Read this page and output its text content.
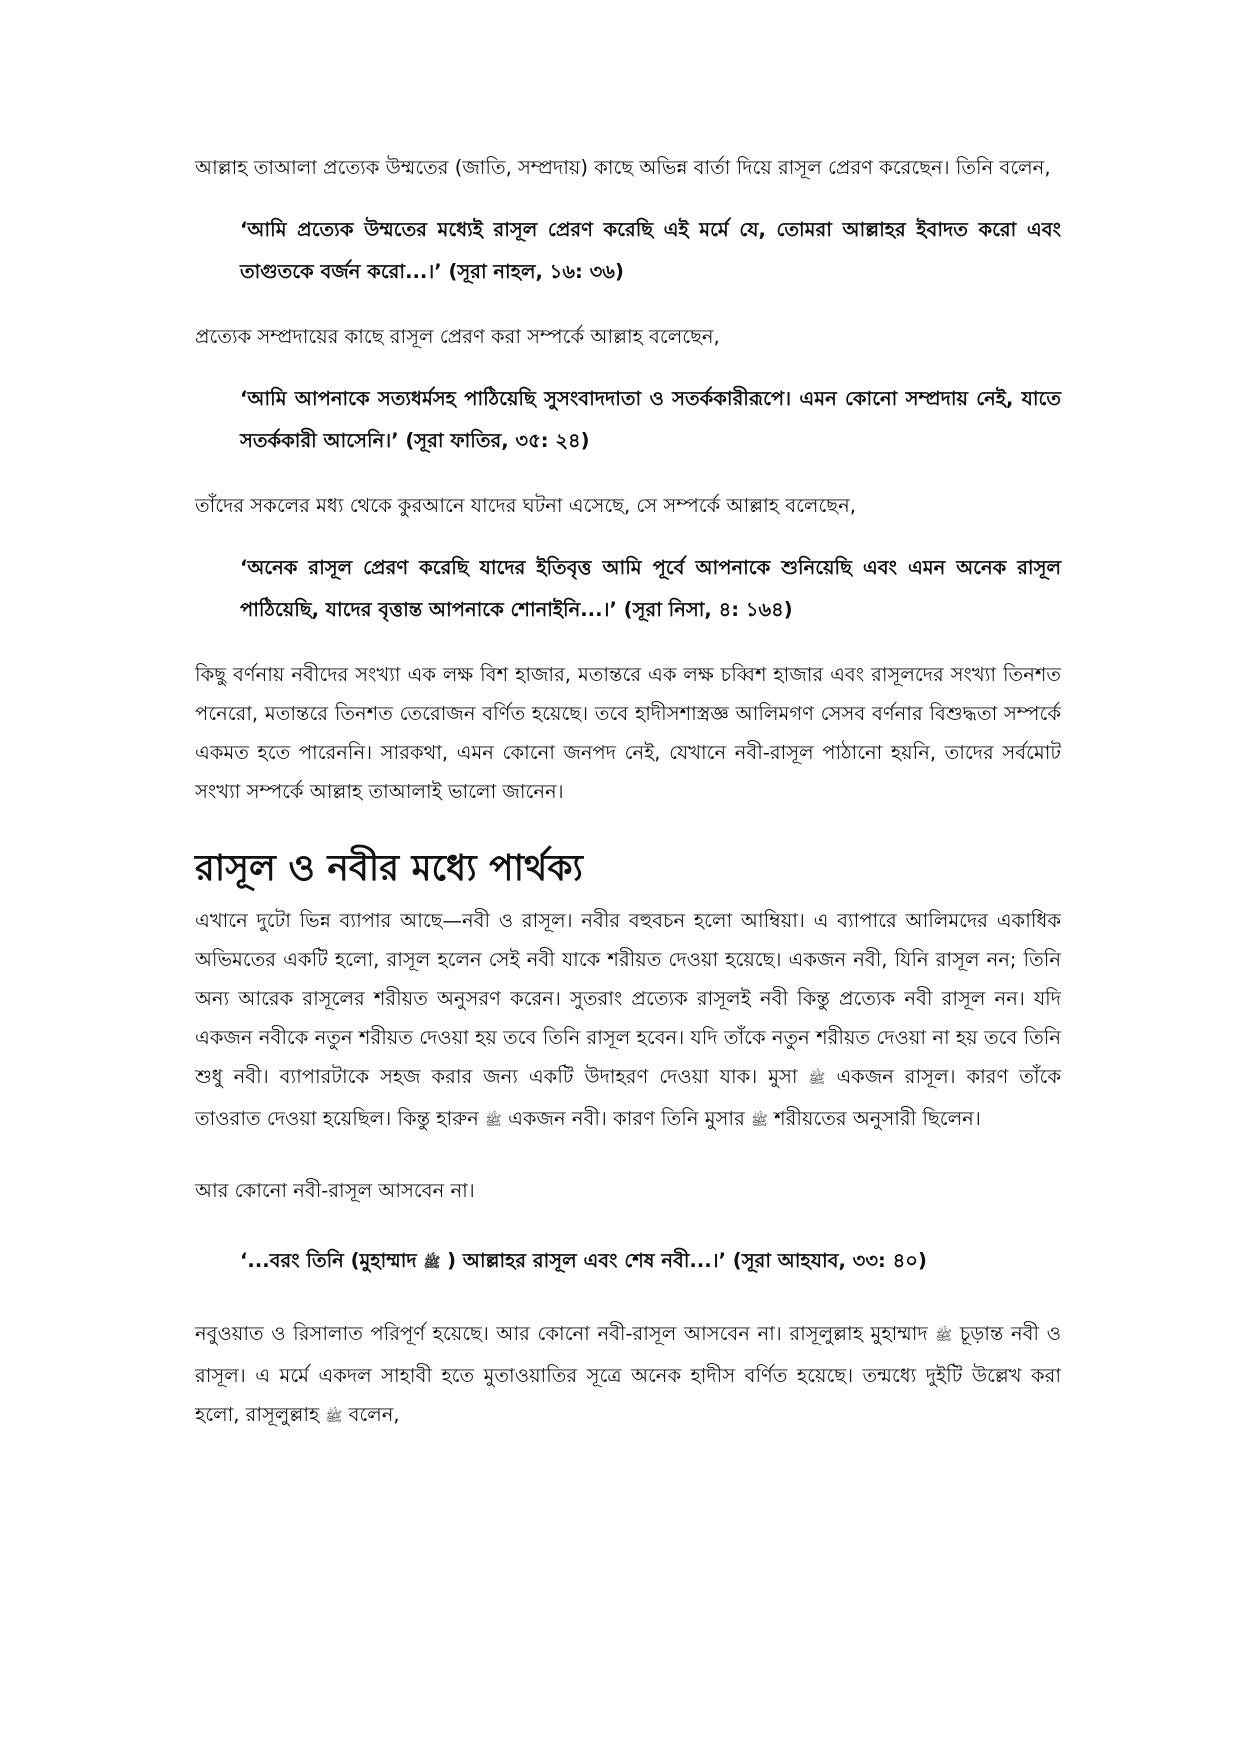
আল্লাহ তাআলা প্রত্যেক উম্মতের (জাতি, সম্প্রদায়) কাছে অভিন্ন বার্তা দিয়ে রাসূল প্রেরণ করেছেন। তিনি বলেন,

‘আমি প্রত্যেক উম্মতের মধ্যেই রাসূল প্রেরণ করেছি এই মর্মে যে, তোমরা আল্লাহর ইবাদত করো এবং তাগুতকে বর্জন করো...।’ (সূরা নাহল, ১৬: ৩৬)

প্রত্যেক সম্প্রদায়ের কাছে রাসূল প্রেরণ করা সম্পর্কে আল্লাহ বলেছেন,

‘আমি আপনাকে সত্যধর্মসহ পাঠিয়েছি সুসংবাদদাতা ও সতর্ককারীরূপে। এমন কোনো সম্প্রদায় নেই, যাতে সতর্ককারী আসেনি।’ (সূরা ফাতির, ৩৫: ২৪)

তাঁদের সকলের মধ্য থেকে কুরআনে যাদের ঘটনা এসেছে, সে সম্পর্কে আল্লাহ বলেছেন,

‘অনেক রাসূল প্রেরণ করেছি যাদের ইতিবৃত্ত আমি পূর্বে আপনাকে শুনিয়েছি এবং এমন অনেক রাসূল পাঠিয়েছি, যাদের বৃত্তান্ত আপনাকে শোনাইনি...।’ (সূরা নিসা, ৪: ১৬৪)

কিছু বর্ণনায় নবীদের সংখ্যা এক লক্ষ বিশ হাজার, মতান্তরে এক লক্ষ চব্বিশ হাজার এবং রাসূলদের সংখ্যা তিনশত পনেরো, মতান্তরে তিনশত তেরোজন বর্ণিত হয়েছে। তবে হাদীসশাস্ত্রজ্ঞ আলিমগণ সেসব বর্ণনার বিশুদ্ধতা সম্পর্কে একমত হতে পারেননি। সারকথা, এমন কোনো জনপদ নেই, যেখানে নবী-রাসূল পাঠানো হয়নি, তাদের সর্বমোট সংখ্যা সম্পর্কে আল্লাহ তাআলাই ভালো জানেন।

রাসূল ও নবীর মধ্যে পার্থক্য

এখানে দুটো ভিন্ন ব্যাপার আছে—নবী ও রাসূল। নবীর বহুবচন হলো আম্বিয়া। এ ব্যাপারে আলিমদের একাধিক অভিমতের একটি হলো, রাসূল হলেন সেই নবী যাকে শরীয়ত দেওয়া হয়েছে। একজন নবী, যিনি রাসূল নন; তিনি অন্য আরেক রাসূলের শরীয়ত অনুসরণ করেন। সুতরাং প্রত্যেক রাসূলই নবী কিন্তু প্রত্যেক নবী রাসূল নন। যদি একজন নবীকে নতুন শরীয়ত দেওয়া হয় তবে তিনি রাসূল হবেন। যদি তাঁকে নতুন শরীয়ত দেওয়া না হয় তবে তিনি শুধু নবী। ব্যাপারটাকে সহজ করার জন্য একটি উদাহরণ দেওয়া যাক। মুসা ﷺ একজন রাসূল। কারণ তাঁকে তাওরাত দেওয়া হয়েছিল। কিন্তু হারুন ﷺ একজন নবী। কারণ তিনি মুসার ﷺ শরীয়তের অনুসারী ছিলেন।

আর কোনো নবী-রাসূল আসবেন না।

‘...বরং তিনি (মুহাম্মাদ ﷺ ) আল্লাহর রাসূল এবং শেষ নবী...।’ (সূরা আহযাব, ৩৩: ৪০)

নবুওয়াত ও রিসালাত পরিপূর্ণ হয়েছে। আর কোনো নবী-রাসূল আসবেন না। রাসূলুল্লাহ মুহাম্মাদ ﷺ চূড়ান্ত নবী ও রাসূল। এ মর্মে একদল সাহাবী হতে মুতাওয়াতির সূত্রে অনেক হাদীস বর্ণিত হয়েছে। তন্মধ্যে দুইটি উল্লেখ করা হলো, রাসূলুল্লাহ ﷺ বলেন,
